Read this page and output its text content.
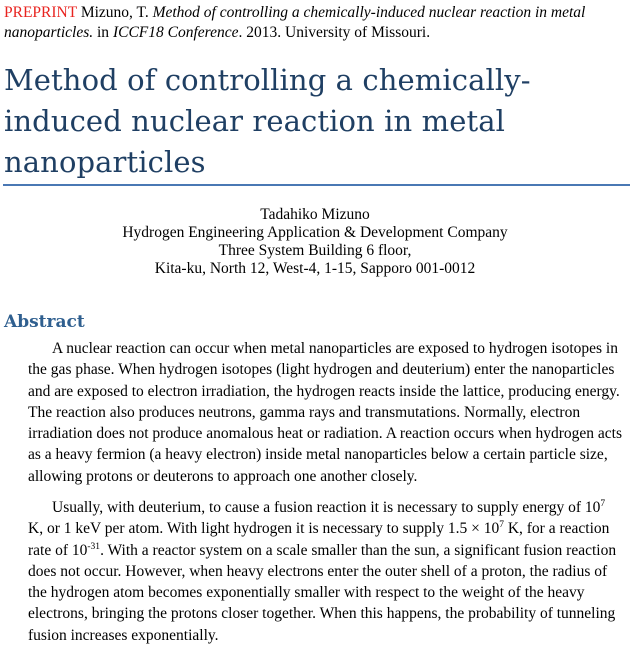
PREPRINT Mizuno, T. Method of controlling a chemically-induced nuclear reaction in metal nanoparticles. in ICCF18 Conference. 2013. University of Missouri.
Method of controlling a chemically-induced nuclear reaction in metal nanoparticles
Tadahiko Mizuno
Hydrogen Engineering Application & Development Company
Three System Building 6 floor,
Kita-ku, North 12, West-4, 1-15, Sapporo 001-0012
Abstract

A nuclear reaction can occur when metal nanoparticles are exposed to hydrogen isotopes in the gas phase. When hydrogen isotopes (light hydrogen and deuterium) enter the nanoparticles and are exposed to electron irradiation, the hydrogen reacts inside the lattice, producing energy. The reaction also produces neutrons, gamma rays and transmutations. Normally, electron irradiation does not produce anomalous heat or radiation. A reaction occurs when hydrogen acts as a heavy fermion (a heavy electron) inside metal nanoparticles below a certain particle size, allowing protons or deuterons to approach one another closely.

Usually, with deuterium, to cause a fusion reaction it is necessary to supply energy of $10^7$ K, or 1 keV per atom. With light hydrogen it is necessary to supply $1.5 \times 10^7$ K, for a reaction rate of $10^{-31}$. With a reactor system on a scale smaller than the sun, a significant fusion reaction does not occur. However, when heavy electrons enter the outer shell of a proton, the radius of the hydrogen atom becomes exponentially smaller with respect to the weight of the heavy electrons, bringing the protons closer together. When this happens, the probability of tunneling fusion increases exponentially.
